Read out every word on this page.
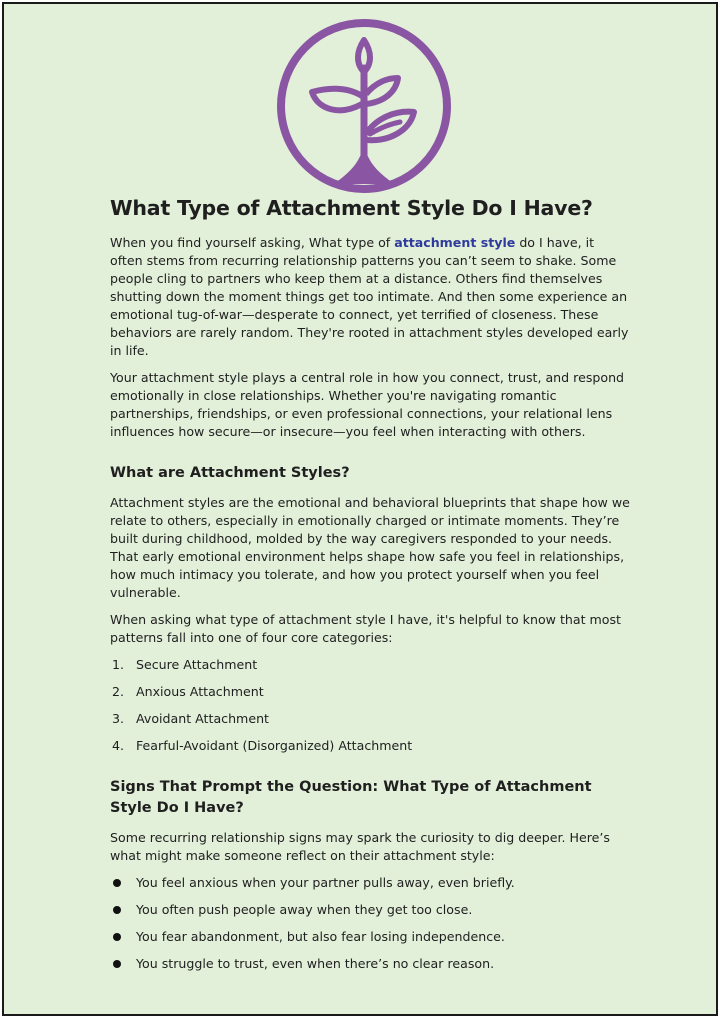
What Type of Attachment Style Do I Have?

When you find yourself asking, What type of attachment style do I have, it often stems from recurring relationship patterns you can’t seem to shake. Some people cling to partners who keep them at a distance. Others find themselves shutting down the moment things get too intimate. And then some experience an emotional tug-of-war—desperate to connect, yet terrified of closeness. These behaviors are rarely random. They're rooted in attachment styles developed early in life.

Your attachment style plays a central role in how you connect, trust, and respond emotionally in close relationships. Whether you're navigating romantic partnerships, friendships, or even professional connections, your relational lens influences how secure—or insecure—you feel when interacting with others.

What are Attachment Styles?

Attachment styles are the emotional and behavioral blueprints that shape how we relate to others, especially in emotionally charged or intimate moments. They’re built during childhood, molded by the way caregivers responded to your needs. That early emotional environment helps shape how safe you feel in relationships, how much intimacy you tolerate, and how you protect yourself when you feel vulnerable.

When asking what type of attachment style I have, it's helpful to know that most patterns fall into one of four core categories:

1. Secure Attachment
2. Anxious Attachment
3. Avoidant Attachment
4. Fearful-Avoidant (Disorganized) Attachment
Signs That Prompt the Question: What Type of Attachment Style Do I Have?

Some recurring relationship signs may spark the curiosity to dig deeper. Here’s what might make someone reflect on their attachment style:

You feel anxious when your partner pulls away, even briefly.
You often push people away when they get too close.
You fear abandonment, but also fear losing independence.
You struggle to trust, even when there’s no clear reason.
